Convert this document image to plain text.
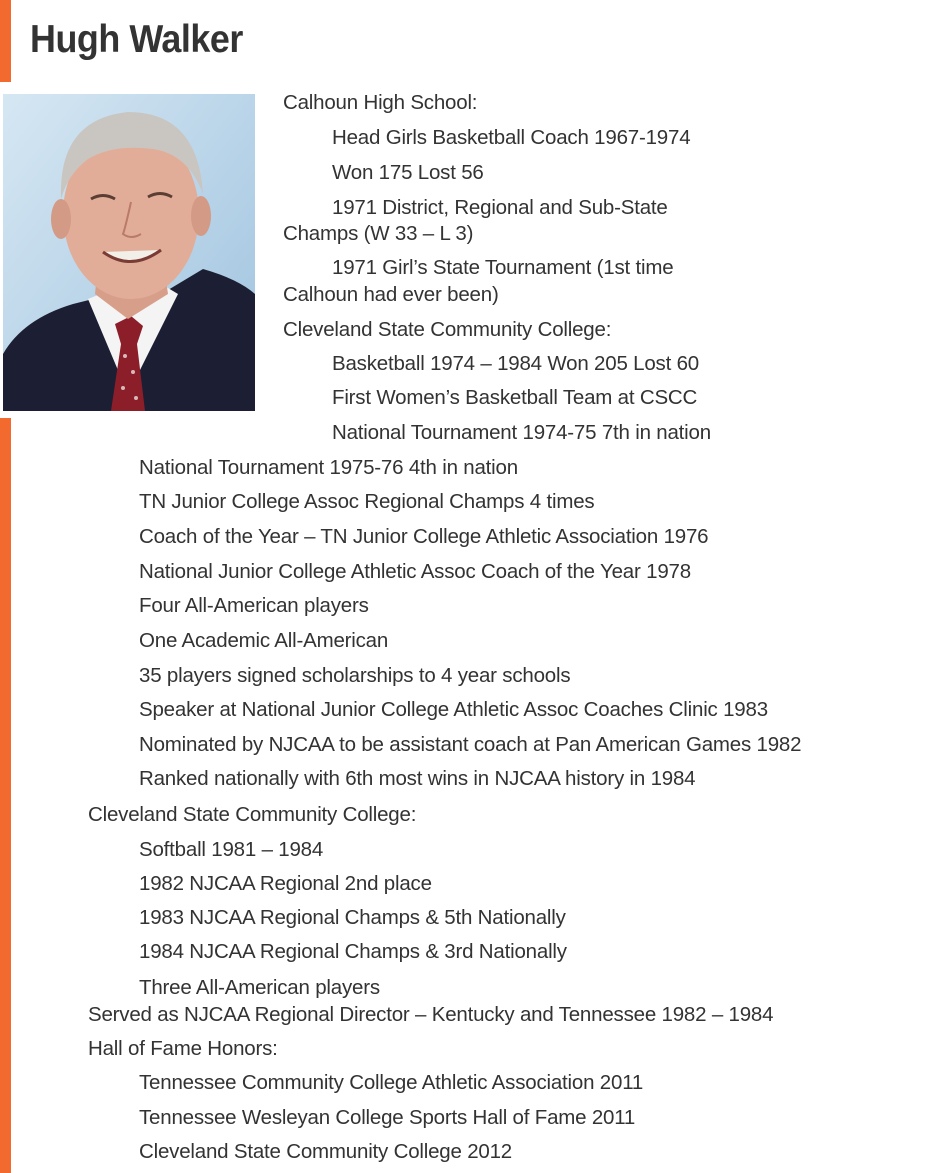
Hugh Walker
Calhoun High School:
Head Girls Basketball Coach 1967-1974
Won 175 Lost 56
1971 District, Regional and Sub-State
Champs (W 33 – L 3)
1971 Girl’s State Tournament (1st time
Calhoun had ever been)
Cleveland State Community College:
Basketball 1974 – 1984 Won 205 Lost 60
First Women’s Basketball Team at CSCC
National Tournament 1974-75 7th in nation
National Tournament 1975-76 4th in nation
TN Junior College Assoc Regional Champs 4 times
Coach of the Year – TN Junior College Athletic Association 1976
National Junior College Athletic Assoc Coach of the Year 1978
Four All-American players
One Academic All-American
35 players signed scholarships to 4 year schools
Speaker at National Junior College Athletic Assoc Coaches Clinic 1983
Nominated by NJCAA to be assistant coach at Pan American Games 1982
Ranked nationally with 6th most wins in NJCAA history in 1984
Cleveland State Community College:
Softball 1981 – 1984
1982 NJCAA Regional 2nd place
1983 NJCAA Regional Champs & 5th Nationally
1984 NJCAA Regional Champs & 3rd Nationally
Three All-American players
Served as NJCAA Regional Director – Kentucky and Tennessee 1982 – 1984
Hall of Fame Honors:
Tennessee Community College Athletic Association 2011
Tennessee Wesleyan College Sports Hall of Fame 2011
Cleveland State Community College 2012
